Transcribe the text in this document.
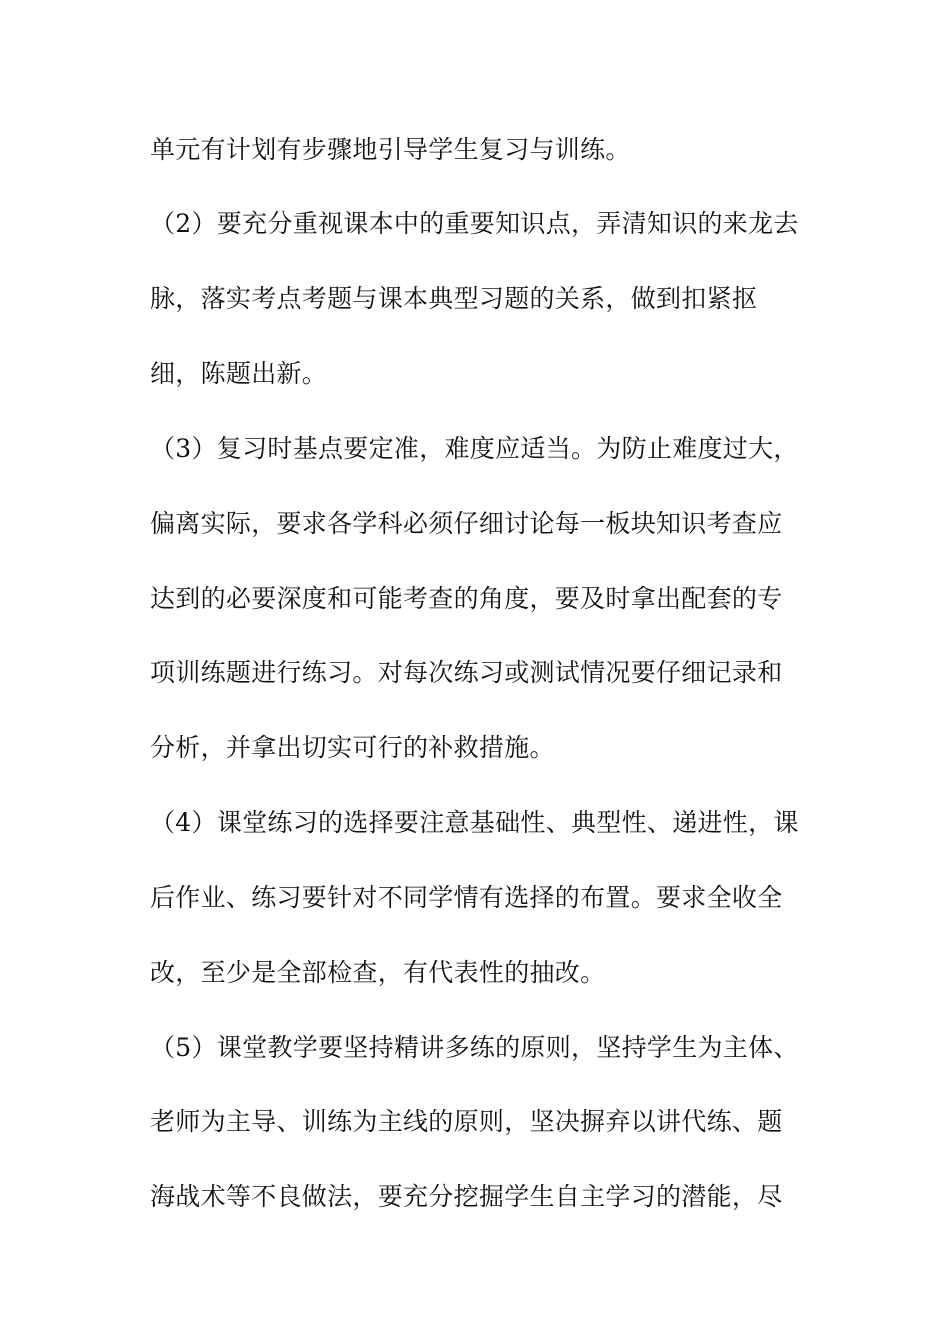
单元有计划有步骤地引导学生复习与训练。
（2）要充分重视课本中的重要知识点，弄清知识的来龙去
脉，落实考点考题与课本典型习题的关系，做到扣紧抠
细，陈题出新。
（3）复习时基点要定准，难度应适当。为防止难度过大，
偏离实际，要求各学科必须仔细讨论每一板块知识考查应
达到的必要深度和可能考查的角度，要及时拿出配套的专
项训练题进行练习。对每次练习或测试情况要仔细记录和
分析，并拿出切实可行的补救措施。
（4）课堂练习的选择要注意基础性、典型性、递进性，课
后作业、练习要针对不同学情有选择的布置。要求全收全
改，至少是全部检查，有代表性的抽改。
（5）课堂教学要坚持精讲多练的原则，坚持学生为主体、
老师为主导、训练为主线的原则，坚决摒弃以讲代练、题
海战术等不良做法，要充分挖掘学生自主学习的潜能，尽
